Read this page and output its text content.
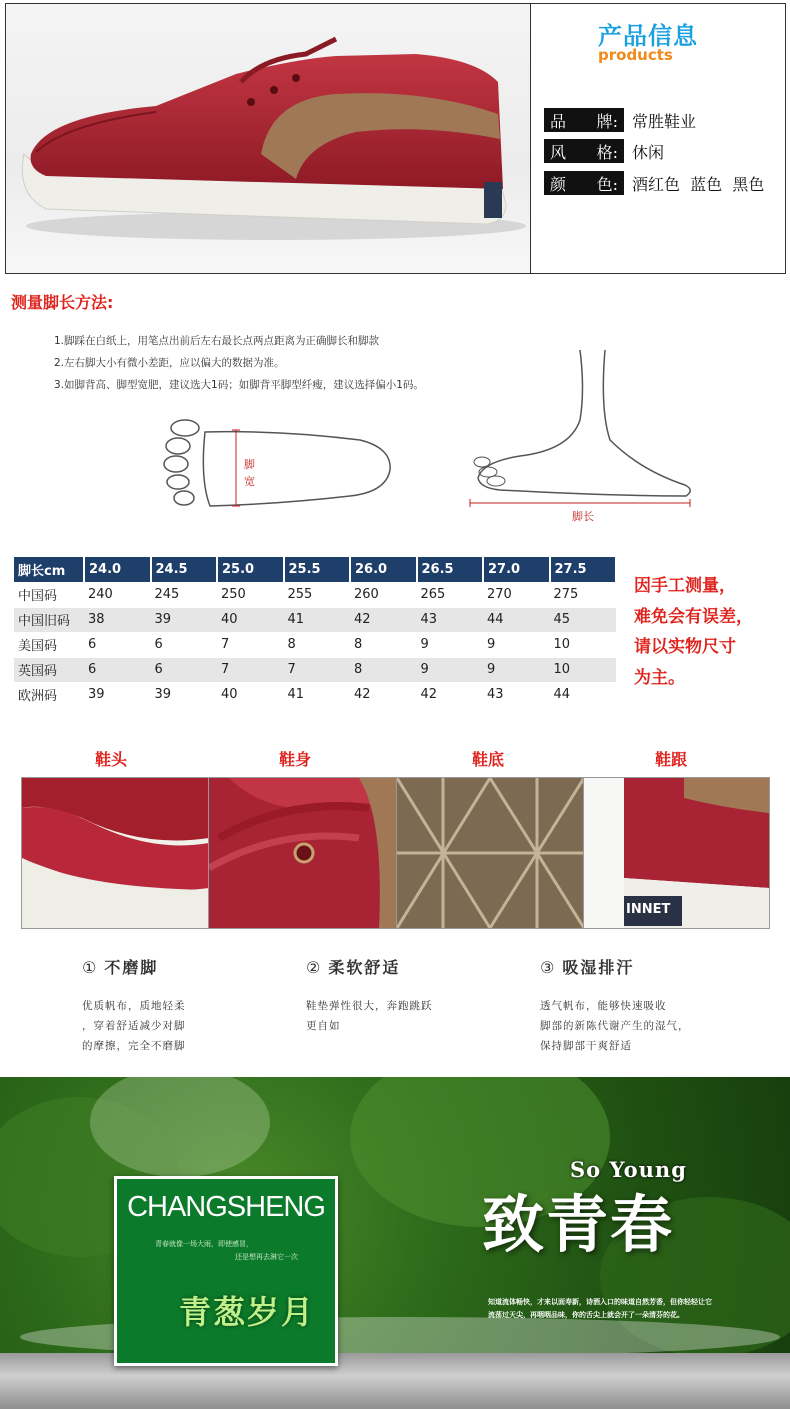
产品信息
products
品 牌: 常胜鞋业
风 格: 休闲
颜 色: 酒红色  蓝色  黑色
测量脚长方法:
1.脚踩在白纸上，用笔点出前后左右最长点两点距离为正确脚长和脚款
2.左右脚大小有微小差距，应以偏大的数据为准。
3.如脚背高、脚型宽肥，建议选大1码；如脚背平脚型纤瘦，建议选择偏小1码。
脚
宽
脚长
脚长cm	24.0	24.5	25.0	25.5	26.0	26.5	27.0	27.5
中国码	240	245	250	255	260	265	270	275
中国旧码	38	39	40	41	42	43	44	45
美国码	6	6	7	8	8	9	9	10
英国码	6	6	7	7	8	9	9	10
欧洲码	39	39	40	41	42	42	43	44
因手工测量，
难免会有误差，
请以实物尺寸
为主。
鞋头	鞋身	鞋底	鞋跟
INNET
① 不磨脚
优质帆布，质地轻柔
，穿着舒适减少对脚
的摩擦，完全不磨脚
② 柔软舒适
鞋垫弹性很大，奔跑跳跃
更自如
③ 吸湿排汗
透气帆布，能够快速吸收
脚部的新陈代谢产生的湿气，
保持脚部干爽舒适
CHANGSHENG
青春就像一场大雨，即使感冒，
还是想再去淋它一次
青葱岁月
So Young
致青春
知道流体畅快，才来以面寿新，诗酒入口的味道自然芳香，但你轻轻让它
流荡过天尖，再咽咽品味，你的舌尖上就会开了一朵清芬的花。
